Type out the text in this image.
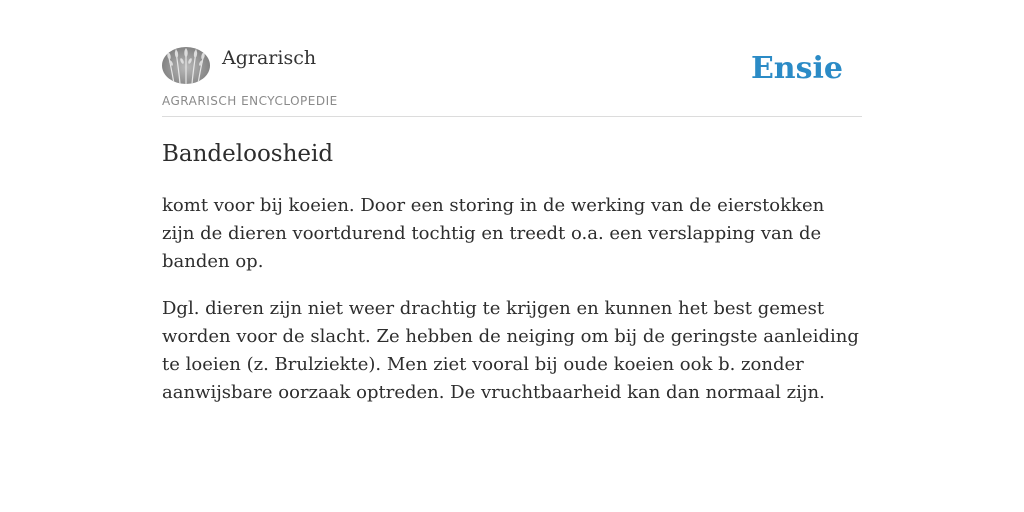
Agrarisch
AGRARISCH ENCYCLOPEDIE
Ensie
Bandeloosheid

komt voor bij koeien. Door een storing in de werking van de eierstokken zijn de dieren voortdurend tochtig en treedt o.a. een verslapping van de banden op.

Dgl. dieren zijn niet weer drachtig te krijgen en kunnen het best gemest worden voor de slacht. Ze hebben de neiging om bij de geringste aanleiding te loeien (z. Brulziekte). Men ziet vooral bij oude koeien ook b. zonder aanwijsbare oorzaak optreden. De vruchtbaarheid kan dan normaal zijn.
